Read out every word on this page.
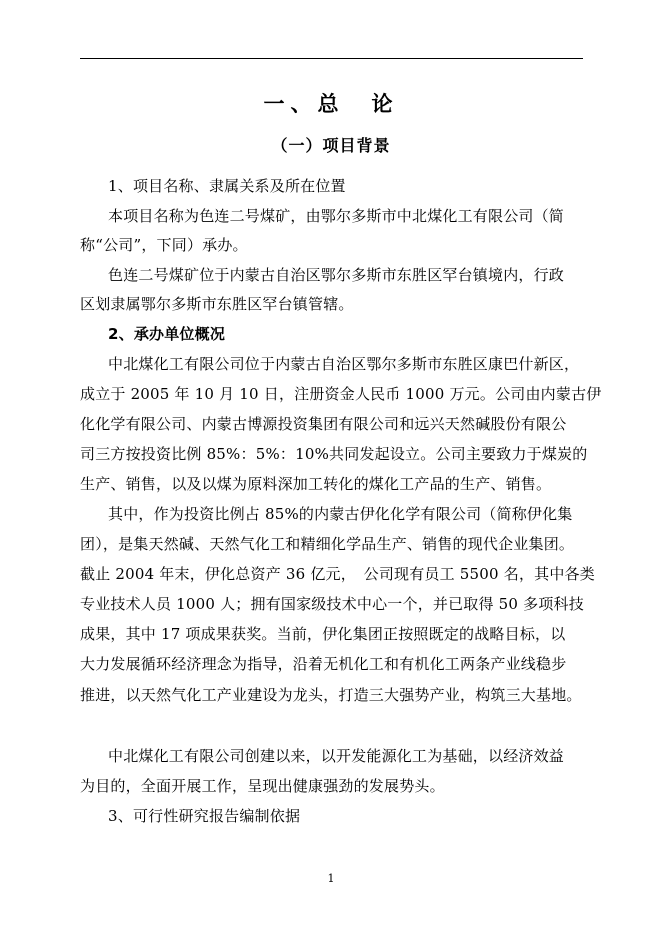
一、总　论
（一）项目背景
1、项目名称、隶属关系及所在位置
本项目名称为色连二号煤矿，由鄂尔多斯市中北煤化工有限公司（简
称“公司”，下同）承办。
色连二号煤矿位于内蒙古自治区鄂尔多斯市东胜区罕台镇境内，行政
区划隶属鄂尔多斯市东胜区罕台镇管辖。
2、承办单位概况
中北煤化工有限公司位于内蒙古自治区鄂尔多斯市东胜区康巴什新区，
成立于 2005 年 10 月 10 日，注册资金人民币 1000 万元。公司由内蒙古伊
化化学有限公司、内蒙古博源投资集团有限公司和远兴天然碱股份有限公
司三方按投资比例 85%：5%：10%共同发起设立。公司主要致力于煤炭的
生产、销售，以及以煤为原料深加工转化的煤化工产品的生产、销售。
其中，作为投资比例占 85%的内蒙古伊化化学有限公司（简称伊化集
团），是集天然碱、天然气化工和精细化学品生产、销售的现代企业集团。
截止 2004 年末，伊化总资产 36 亿元，　公司现有员工 5500 名，其中各类
专业技术人员 1000 人；拥有国家级技术中心一个，并已取得 50 多项科技
成果，其中 17 项成果获奖。当前，伊化集团正按照既定的战略目标，以
大力发展循环经济理念为指导，沿着无机化工和有机化工两条产业线稳步
推进，以天然气化工产业建设为龙头，打造三大强势产业，构筑三大基地。
中北煤化工有限公司创建以来，以开发能源化工为基础，以经济效益
为目的，全面开展工作，呈现出健康强劲的发展势头。
3、可行性研究报告编制依据
1
